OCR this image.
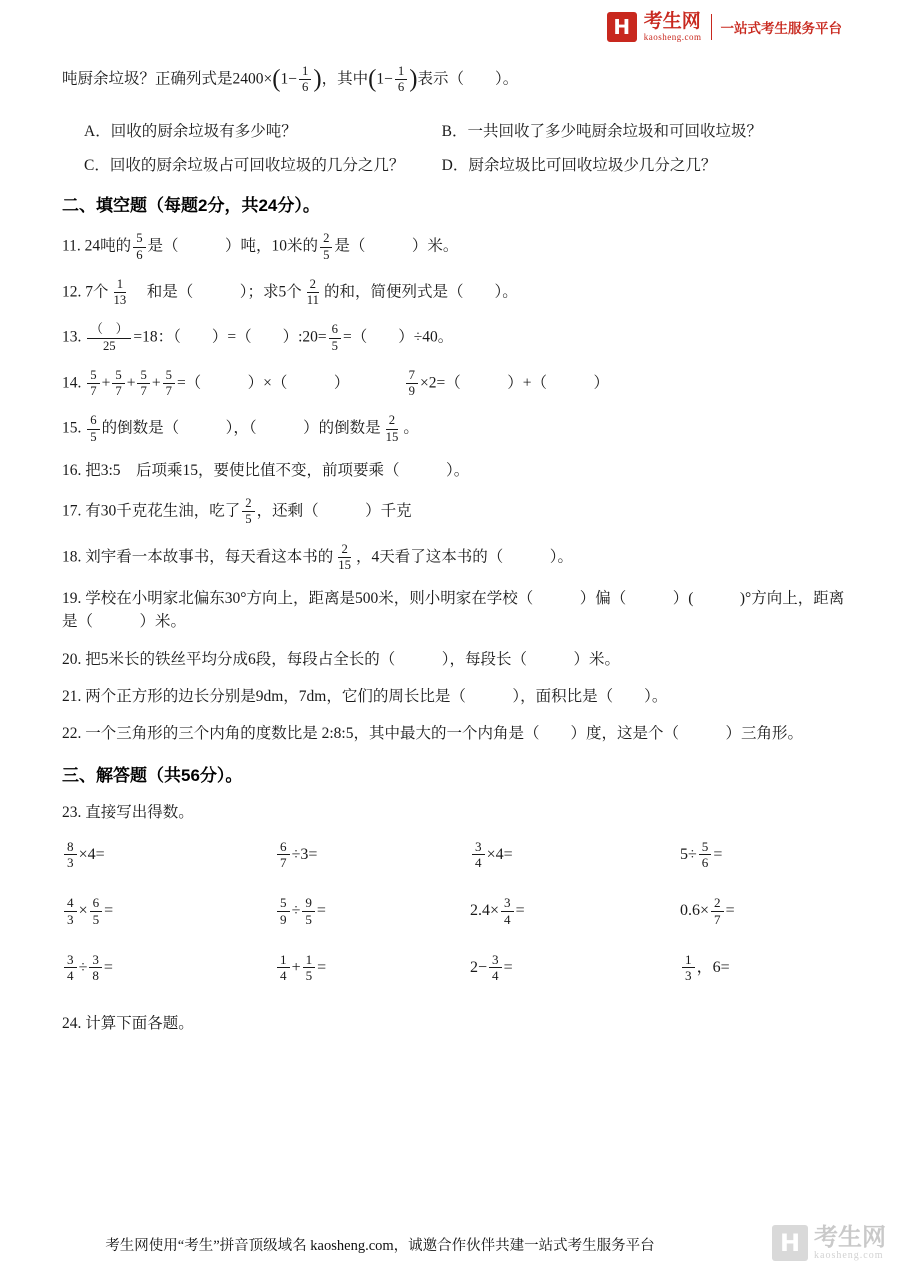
H 考生网
kaosheng.com 一站式考生服务平台
吨厨余垃圾？正确列式是$2400\times(1- \frac{1}{6}$ )，其中($1- \frac{1}{6}$ )表示（　　）。
A．回收的厨余垃圾有多少吨？	B．一共回收了多少吨厨余垃圾和可回收垃圾？
C．回收的厨余垃圾占可回收垃圾的几分之几？	D．厨余垃圾比可回收垃圾少几分之几？
二、填空题（每题2分，共24分）。
11. 24吨的 $\frac{5}{6}$ 是（　　　）吨，10米的 $\frac{2}{5}$ 是（　　　）米。
12. 7个 $\frac{1}{13}$ 　和是（　　　）；求5个 $\frac{2}{11}$ 的和，简便列式是（　　）。
13. $\frac{( )}{25} =18$：（　　）=（　　）:20= $\frac{6}{5}$ =（　　）÷40。
14. $\frac{5}{7} + \frac{5}{7} + \frac{5}{7} + \frac{5}{7}$ =（　　　）×（　　　）　　　　 $\frac{7}{9} \times 2=$（　　　）+（　　　）
15. $\frac{6}{5}$ 的倒数是（　　　），（　　　）的倒数是 $\frac{2}{15}$ 。
16. 把3:5　后项乘15，要使比值不变，前项要乘（　　　）。
17. 有30千克花生油，吃了 $\frac{2}{5}$ ，还剩（　　　）千克
18. 刘宇看一本故事书，每天看这本书的 $\frac{2}{15}$ ，4天看了这本书的（　　　）。
19. 学校在小明家北偏东30°方向上，距离是500米，则小明家在学校（　　　）偏（　　　）(　　　)°方向上，距离是（　　　）米。
20. 把5米长的铁丝平均分成6段，每段占全长的（　　　），每段长（　　　）米。
21. 两个正方形的边长分别是9dm，7dm，它们的周长比是（　　　），面积比是（　　）。
22. 一个三角形的三个内角的度数比是 2:8:5，其中最大的一个内角是（　　）度，这是个（　　　）三角形。
三、解答题（共56分）。
23. 直接写出得数。
$\frac{8}{3} \times 4=$	$\frac{6}{7} \div 3=$	$\frac{3}{4} \times 4=$	$5\div \frac{5}{6}$ =
$\frac{4}{3} \times \frac{6}{5}$ =	$\frac{5}{9} \div \frac{9}{5}$ =	$2.4\times \frac{3}{4}$ =	$0.6\times \frac{2}{7}$ =
$\frac{3}{4} \div \frac{3}{8}$ =	$\frac{1}{4} + \frac{1}{5}$ =	$2- \frac{3}{4}$ =	$\frac{1}{3}$ ，6=
24. 计算下面各题。
考生网使用“考生”拼音顶级域名 kaosheng.com，诚邀合作伙伴共建一站式考生服务平台	H 考生网
kaosheng.com
